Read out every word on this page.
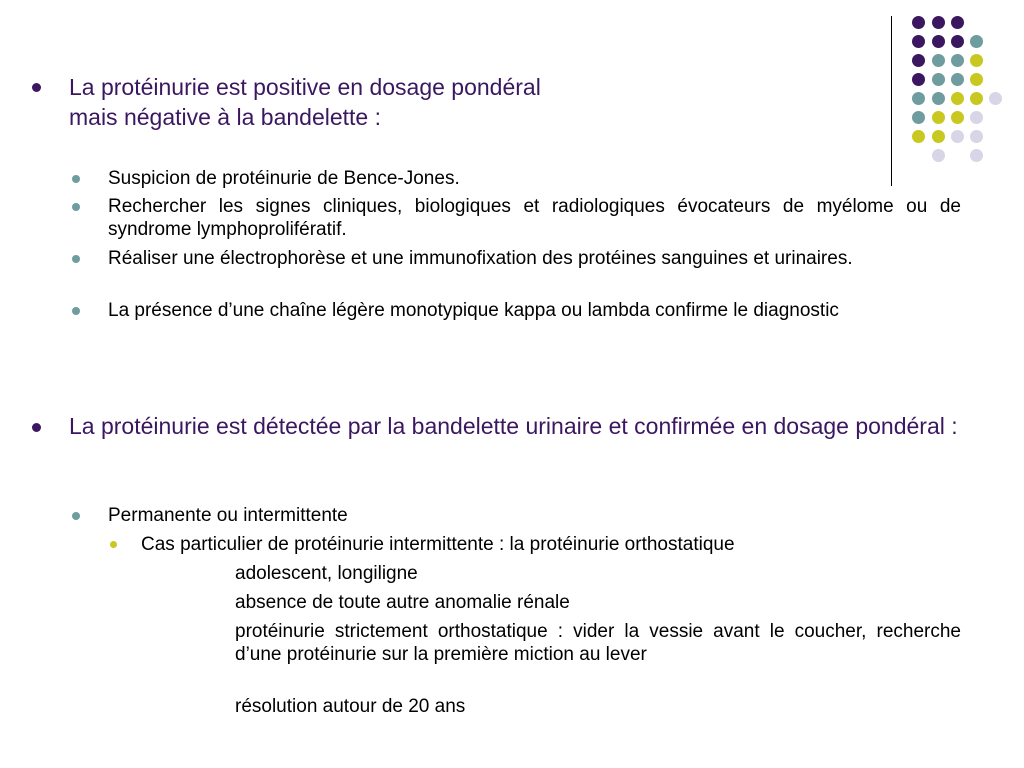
La protéinurie est positive en dosage pondéral
mais négative à la bandelette :
Suspicion de protéinurie de Bence-Jones.
Rechercher les signes cliniques, biologiques et radiologiques évocateurs de myélome ou de syndrome lymphoprolifératif.
Réaliser une électrophorèse et une immunofixation des protéines sanguines et urinaires.
La présence d’une chaîne légère monotypique kappa ou lambda confirme le diagnostic
La protéinurie est détectée par la bandelette urinaire et confirmée en dosage pondéral :
Permanente ou intermittente
Cas particulier de protéinurie intermittente : la protéinurie orthostatique
adolescent, longiligne
absence de toute autre anomalie rénale
protéinurie strictement orthostatique : vider la vessie avant le coucher, recherche d’une protéinurie sur la première miction au lever
résolution autour de 20 ans
